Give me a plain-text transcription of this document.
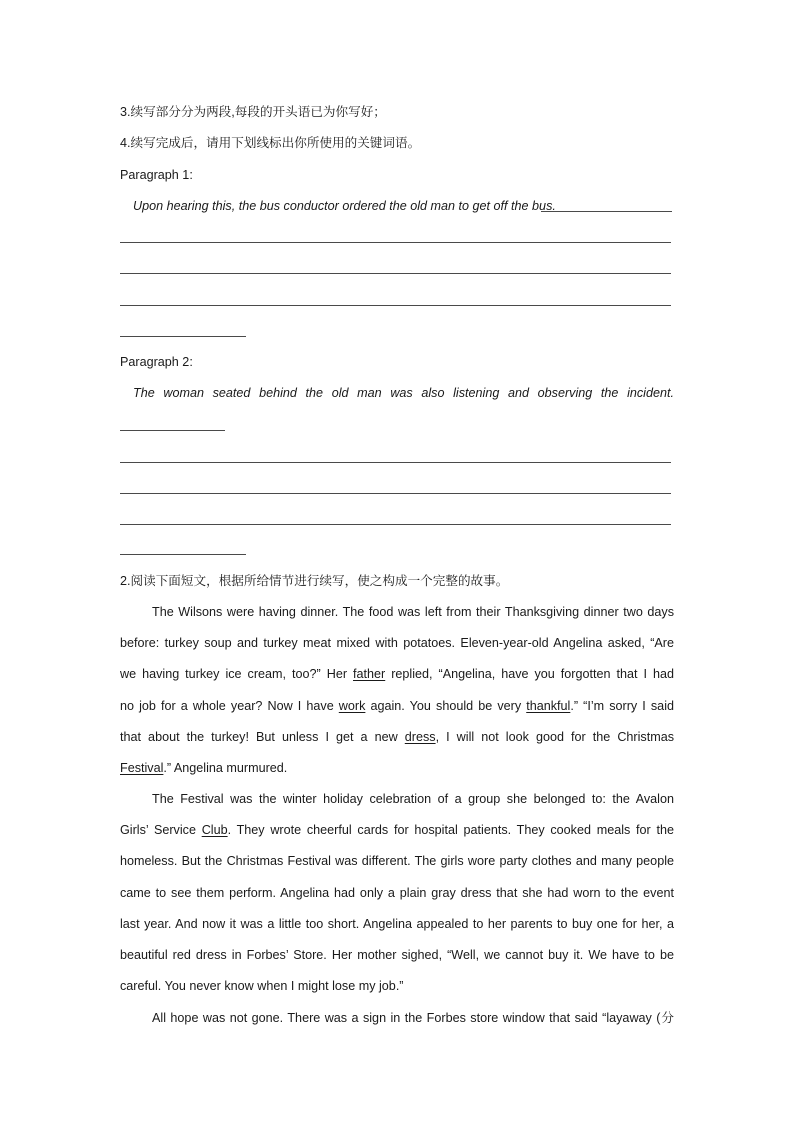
3.续写部分分为两段,每段的开头语已为你写好；
4.续写完成后，请用下划线标出你所使用的关键词语。
Paragraph 1:
Upon hearing this, the bus conductor ordered the old man to get off the bus.
Paragraph 2:
The woman seated behind the old man was also listening and observing the incident.
2.阅读下面短文，根据所给情节进行续写，使之构成一个完整的故事。
The Wilsons were having dinner. The food was left from their Thanksgiving dinner two days
before: turkey soup and turkey meat mixed with potatoes. Eleven-year-old Angelina asked, “Are
we having turkey ice cream, too?” Her father replied, “Angelina, have you forgotten that I had
no job for a whole year? Now I have work again. You should be very thankful.” “I’m sorry I said
that about the turkey! But unless I get a new dress, I will not look good for the Christmas
Festival.” Angelina murmured.
The Festival was the winter holiday celebration of a group she belonged to: the Avalon
Girls’ Service Club. They wrote cheerful cards for hospital patients. They cooked meals for the
homeless. But the Christmas Festival was different. The girls wore party clothes and many people
came to see them perform. Angelina had only a plain gray dress that she had worn to the event
last year. And now it was a little too short. Angelina appealed to her parents to buy one for her, a
beautiful red dress in Forbes’ Store. Her mother sighed, “Well, we cannot buy it. We have to be
careful. You never know when I might lose my job.”
All hope was not gone. There was a sign in the Forbes store window that said “layaway (分
